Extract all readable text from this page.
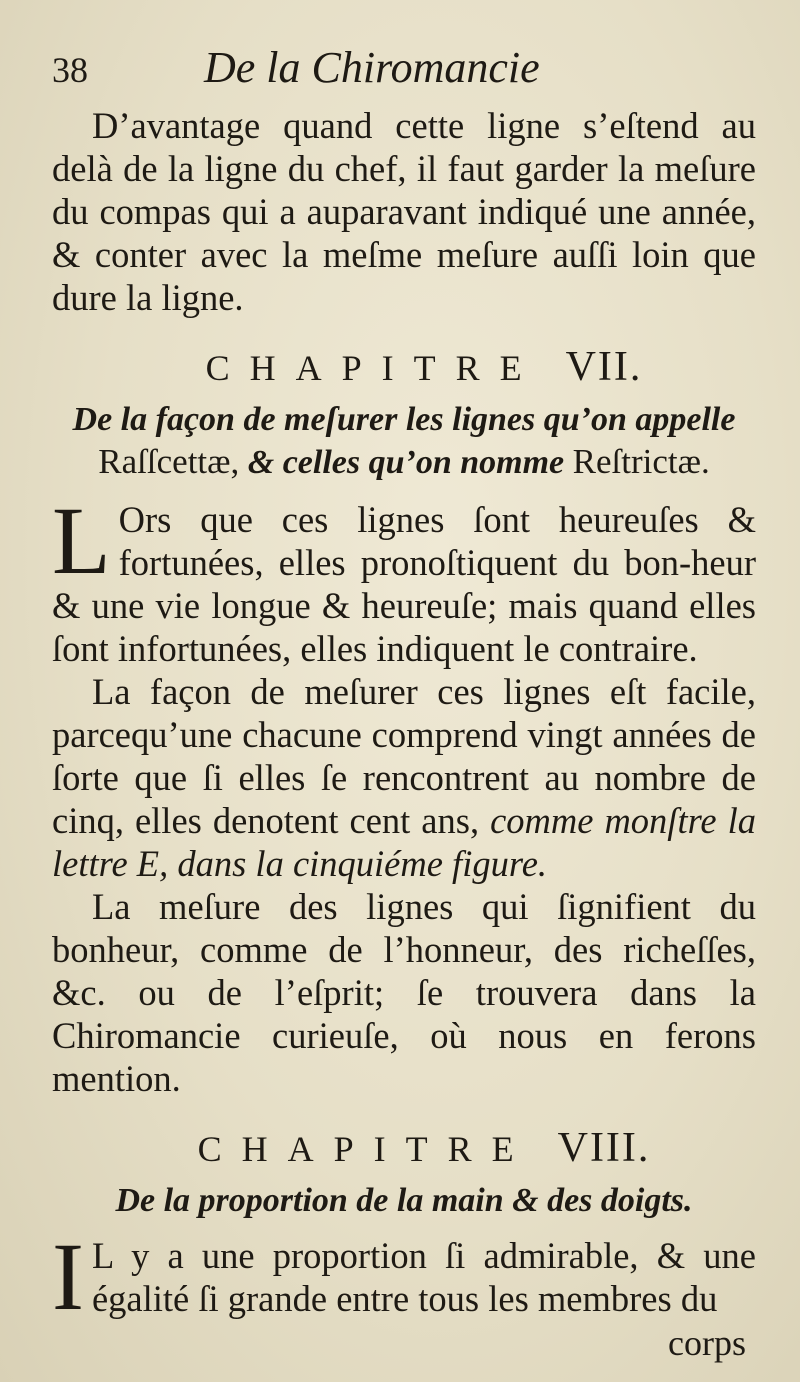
38	De la Chiromancie

D’avantage quand cette ligne s’eſtend au delà de la ligne du chef, il faut garder la meſure du compas qui a auparavant indiqué une année, & conter avec la meſme meſure auſſi loin que dure la ligne.

CHAPITRE VII.

De la façon de meſurer les lignes qu’on appelle Raſſcettæ, & celles qu’on nomme Reſtrictæ.

L Ors que ces lignes ſont heureuſes & fortunées, elles pronoſtiquent du bon-heur & une vie longue & heureuſe; mais quand elles ſont infortunées, elles indiquent le contraire.

La façon de meſurer ces lignes eſt facile, parcequ’une chacune comprend vingt années de ſorte que ſi elles ſe rencontrent au nombre de cinq, elles denotent cent ans, comme monſtre la lettre E, dans la cinquiéme figure.

La meſure des lignes qui ſignifient du bonheur, comme de l’honneur, des richeſſes, &c. ou de l’eſprit; ſe trouvera dans la Chiromancie curieuſe, où nous en ferons mention.

CHAPITRE VIII.

De la proportion de la main & des doigts.

I L y a une proportion ſi admirable, & une égalité ſi grande entre tous les membres du

corps
